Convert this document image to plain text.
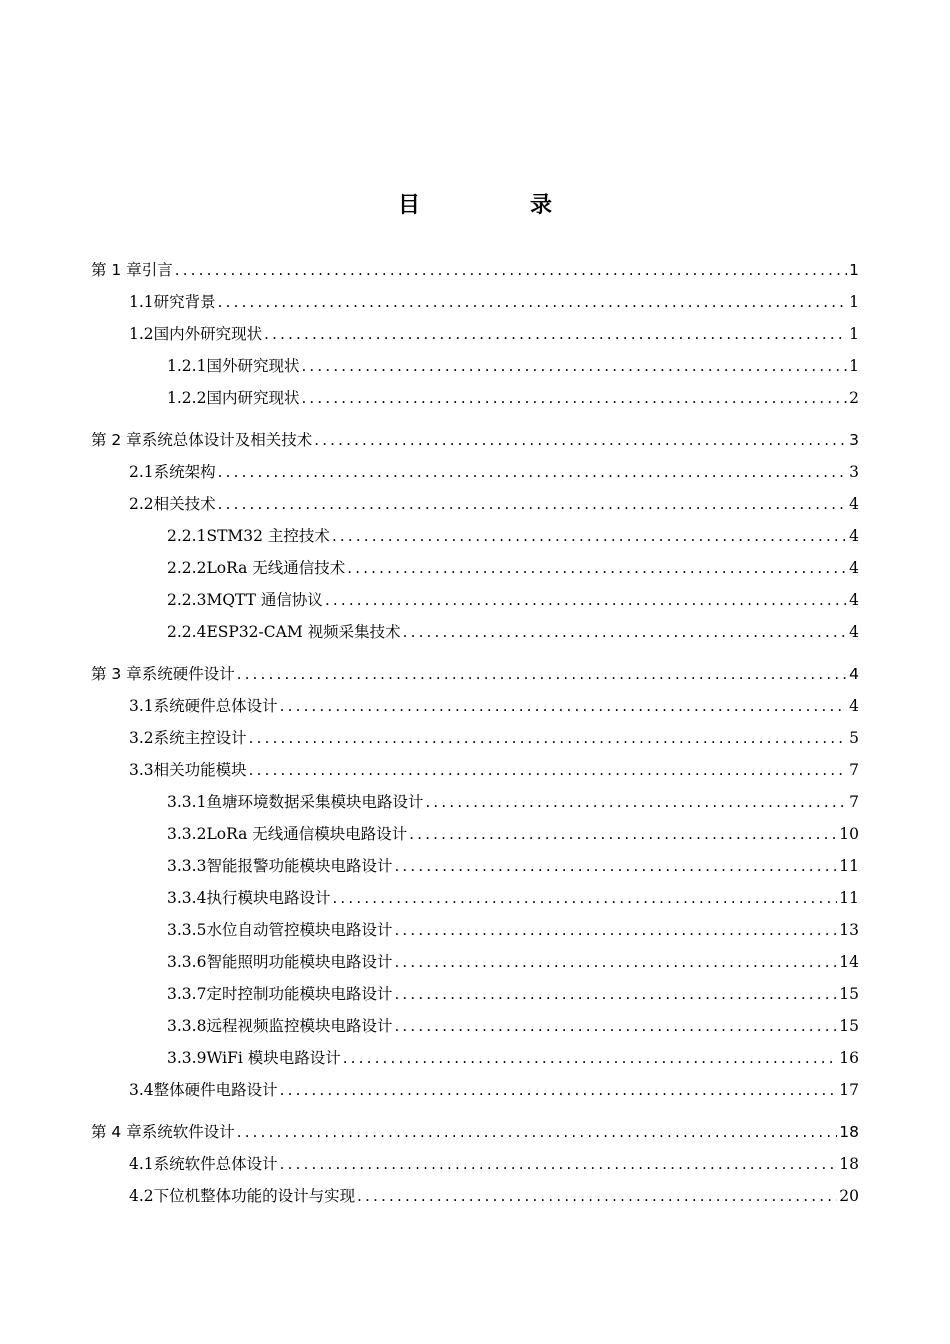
目　录
第 1 章 引言 .....	1
1.1 研究背景 .....	1
1.2 国内外研究现状 .....	1
1.2.1 国外研究现状 .....	1
1.2.2 国内研究现状 .....	2
第 2 章 系统总体设计及相关技术 .....	3
2.1 系统架构 .....	3
2.2 相关技术 .....	4
2.2.1 STM32 主控技术 .....	4
2.2.2 LoRa 无线通信技术 .....	4
2.2.3 MQTT 通信协议 .....	4
2.2.4 ESP32-CAM 视频采集技术 .....	4
第 3 章 系统硬件设计 .....	4
3.1 系统硬件总体设计 .....	4
3.2 系统主控设计 .....	5
3.3 相关功能模块 .....	7
3.3.1 鱼塘环境数据采集模块电路设计 .....	7
3.3.2 LoRa 无线通信模块电路设计 .....	10
3.3.3 智能报警功能模块电路设计 .....	11
3.3.4 执行模块电路设计 .....	11
3.3.5 水位自动管控模块电路设计 .....	13
3.3.6 智能照明功能模块电路设计 .....	14
3.3.7 定时控制功能模块电路设计 .....	15
3.3.8 远程视频监控模块电路设计 .....	15
3.3.9 WiFi 模块电路设计 .....	16
3.4 整体硬件电路设计 .....	17
第 4 章 系统软件设计 .....	18
4.1 系统软件总体设计 .....	18
4.2 下位机整体功能的设计与实现 .....	20
